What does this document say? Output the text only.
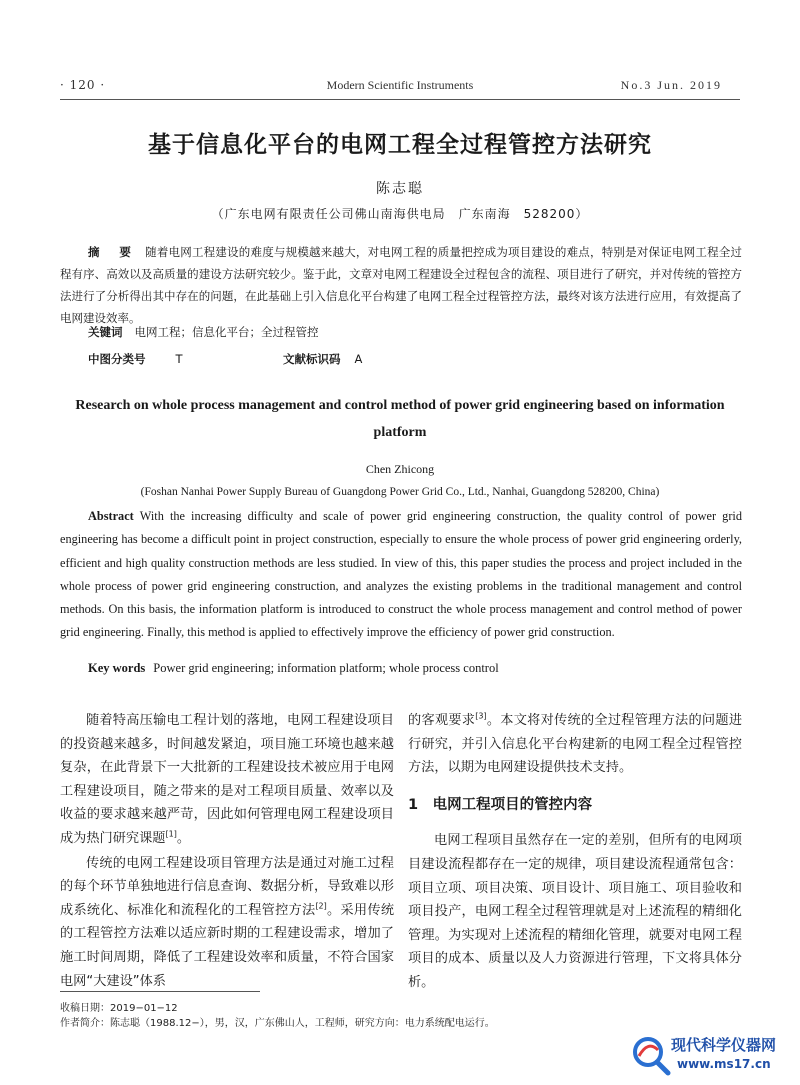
· 120 ·	Modern Scientific Instruments	No.3 Jun. 2019
基于信息化平台的电网工程全过程管控方法研究
陈志聪
（广东电网有限责任公司佛山南海供电局　广东南海　528200）
摘　要 随着电网工程建设的难度与规模越来越大，对电网工程的质量把控成为项目建设的难点，特别是对保证电网工程全过程有序、高效以及高质量的建设方法研究较少。鉴于此，文章对电网工程建设全过程包含的流程、项目进行了研究，并对传统的管控方法进行了分析得出其中存在的问题，在此基础上引入信息化平台构建了电网工程全过程管控方法，最终对该方法进行应用，有效提高了电网建设效率。
关键词 电网工程；信息化平台；全过程管控
中图分类号	T	文献标识码 A
Research on whole process management and control method of power grid engineering based on information platform
Chen Zhicong
(Foshan Nanhai Power Supply Bureau of Guangdong Power Grid Co., Ltd., Nanhai, Guangdong 528200, China)
Abstract With the increasing difficulty and scale of power grid engineering construction, the quality control of power grid engineering has become a difficult point in project construction, especially to ensure the whole process of power grid engineering orderly, efficient and high quality construction methods are less studied. In view of this, this paper studies the process and project included in the whole process of power grid engineering construction, and analyzes the existing problems in the traditional management and control methods. On this basis, the information platform is introduced to construct the whole process management and control method of power grid engineering. Finally, this method is applied to effectively improve the efficiency of power grid construction.
Key words Power grid engineering; information platform; whole process control

随着特高压输电工程计划的落地，电网工程建设项目的投资越来越多，时间越发紧迫，项目施工环境也越来越复杂，在此背景下一大批新的工程建设技术被应用于电网工程建设项目，随之带来的是对工程项目质量、效率以及收益的要求越来越严苛，因此如何管理电网工程建设项目成为热门研究课题[1]。

传统的电网工程建设项目管理方法是通过对施工过程的每个环节单独地进行信息查询、数据分析，导致难以形成系统化、标准化和流程化的工程管控方法[2]。采用传统的工程管控方法难以适应新时期的工程建设需求，增加了施工时间周期，降低了工程建设效率和质量，不符合国家电网“大建设”体系

的客观要求[3]。本文将对传统的全过程管理方法的问题进行研究，并引入信息化平台构建新的电网工程全过程管控方法，以期为电网建设提供技术支持。

1　电网工程项目的管控内容

电网工程项目虽然存在一定的差别，但所有的电网项目建设流程都存在一定的规律，项目建设流程通常包含：项目立项、项目决策、项目设计、项目施工、项目验收和项目投产，电网工程全过程管理就是对上述流程的精细化管理。为实现对上述流程的精细化管理，就要对电网工程项目的成本、质量以及人力资源进行管理，下文将具体分析。

收稿日期：2019−01−12
作者简介：陈志聪（1988.12−），男，汉，广东佛山人，工程师，研究方向：电力系统配电运行。
现代科学仪器网
www.ms17.cn
